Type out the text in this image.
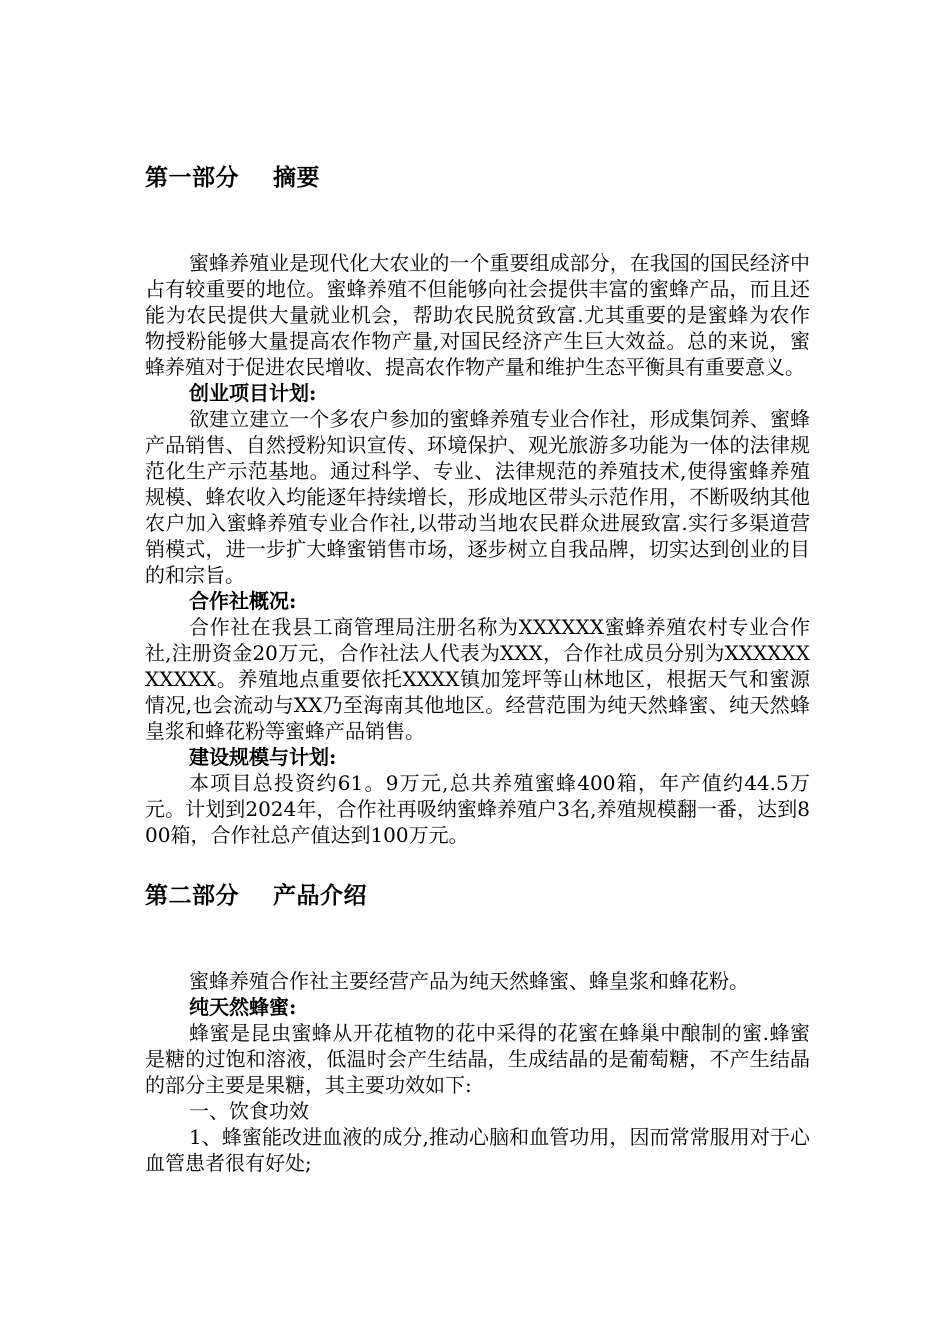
第一部分    摘要

蜜蜂养殖业是现代化大农业的一个重要组成部分，在我国的国民经济中占有较重要的地位。蜜蜂养殖不但能够向社会提供丰富的蜜蜂产品，而且还能为农民提供大量就业机会，帮助农民脱贫致富.尤其重要的是蜜蜂为农作物授粉能够大量提高农作物产量,对国民经济产生巨大效益。总的来说，蜜蜂养殖对于促进农民增收、提高农作物产量和维护生态平衡具有重要意义。

创业项目计划:

欲建立建立一个多农户参加的蜜蜂养殖专业合作社，形成集饲养、蜜蜂产品销售、自然授粉知识宣传、环境保护、观光旅游多功能为一体的法律规范化生产示范基地。通过科学、专业、法律规范的养殖技术,使得蜜蜂养殖规模、蜂农收入均能逐年持续增长，形成地区带头示范作用，不断吸纳其他农户加入蜜蜂养殖专业合作社,以带动当地农民群众进展致富.实行多渠道营销模式，进一步扩大蜂蜜销售市场，逐步树立自我品牌，切实达到创业的目的和宗旨。

合作社概况:

合作社在我县工商管理局注册名称为XXXXXX蜜蜂养殖农村专业合作社,注册资金20万元，合作社法人代表为XXX，合作社成员分别为XXXXXXXXXXX。养殖地点重要依托XXXX镇加笼坪等山林地区，根据天气和蜜源情况,也会流动与XX乃至海南其他地区。经营范围为纯天然蜂蜜、纯天然蜂皇浆和蜂花粉等蜜蜂产品销售。

建设规模与计划:

本项目总投资约61。9万元,总共养殖蜜蜂400箱，年产值约44.5万元。计划到2024年，合作社再吸纳蜜蜂养殖户3名,养殖规模翻一番，达到800箱，合作社总产值达到100万元。

第二部分    产品介绍

蜜蜂养殖合作社主要经营产品为纯天然蜂蜜、蜂皇浆和蜂花粉。

纯天然蜂蜜:

蜂蜜是昆虫蜜蜂从开花植物的花中采得的花蜜在蜂巢中酿制的蜜.蜂蜜是糖的过饱和溶液，低温时会产生结晶，生成结晶的是葡萄糖，不产生结晶的部分主要是果糖，其主要功效如下:

一、饮食功效

1、蜂蜜能改进血液的成分,推动心脑和血管功用，因而常常服用对于心血管患者很有好处;
